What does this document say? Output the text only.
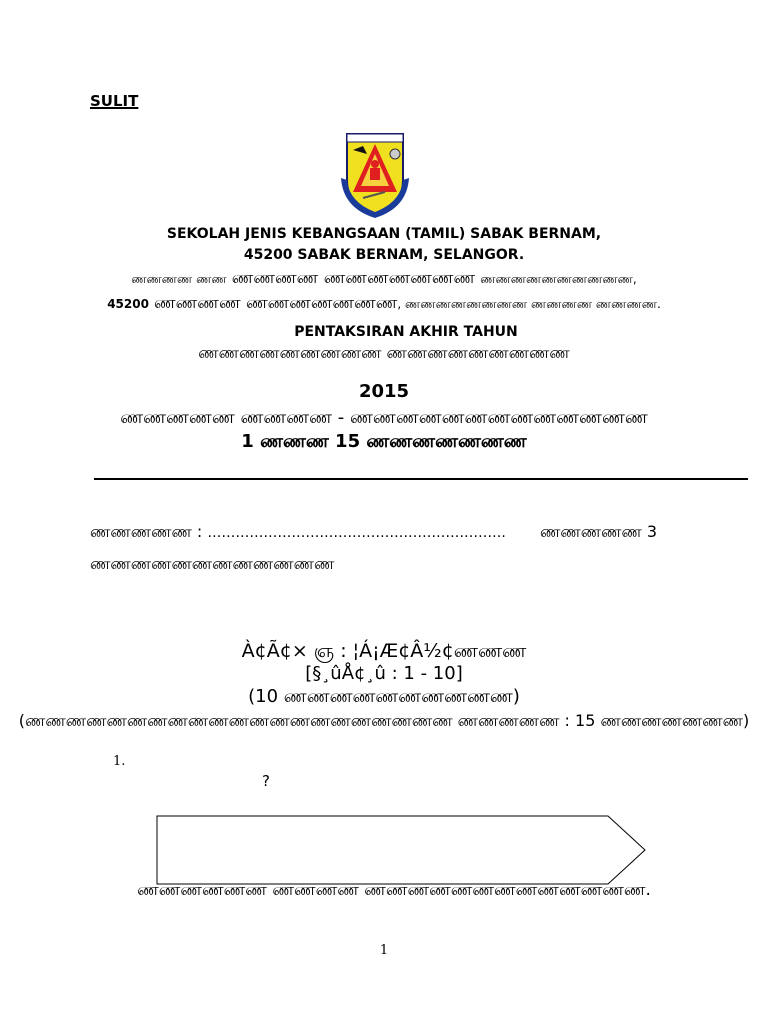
SULIT
SEKOLAH JENIS KEBANGSAAN (TAMIL) SABAK BERNAM,
45200 SABAK BERNAM, SELANGOR.
ணணணண ணண ணணணண ணணணணணணண ணணணணணணணணணண,
45200 ணணணண ணணணணணணண, ணணணணணணணண ணணணண ணணணண.
PENTAKSIRAN AKHIR TAHUN
ணணணணணணணணண ணணணணணணணணண
2015
ணணணணண ணணணண - ணணணணணணணணணணணணண
1 ணணண 15 ணணணணணணண
ணணணணண : ………………………………………………………. ணணணணண 3
ணணணணணணணணணணணண
À¢Ã¢× ஞ : ¦Á¡Æ¢Â½¢ணணண
[§¸ûÅ¢¸û : 1 - 10]
(10 ணணணணணணணணணண)
(ணணணணணணணணணணணணணணணணணணணணண ணணணணண : 15 ணணணணணணண)
1.
?
ணணணணணண ணணணண ணணணணணணணணணணணணண.
1
